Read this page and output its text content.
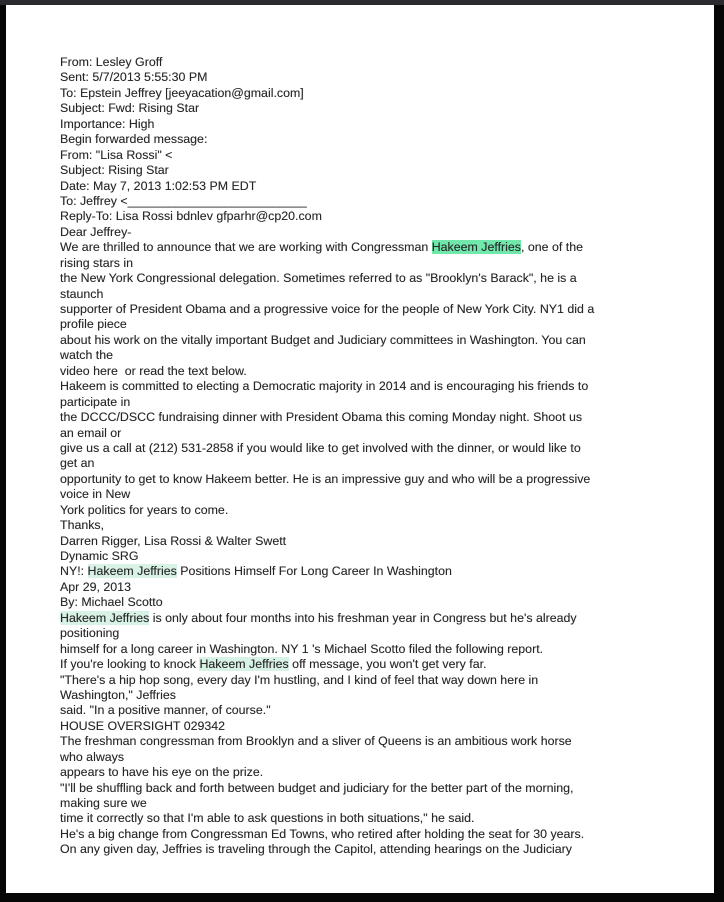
From: Lesley Groff
Sent: 5/7/2013 5:55:30 PM
To: Epstein Jeffrey [jeeyacation@gmail.com]
Subject: Fwd: Rising Star
Importance: High
Begin forwarded message:
From: "Lisa Rossi" <
Subject: Rising Star
Date: May 7, 2013 1:02:53 PM EDT
To: Jeffrey <__________________________
Reply-To: Lisa Rossi bdnlev gfparhr@cp20.com
Dear Jeffrey-
We are thrilled to announce that we are working with Congressman Hakeem Jeffries, one of the
rising stars in
the New York Congressional delegation. Sometimes referred to as "Brooklyn's Barack", he is a
staunch
supporter of President Obama and a progressive voice for the people of New York City. NY1 did a
profile piece
about his work on the vitally important Budget and Judiciary committees in Washington. You can
watch the
video here  or read the text below.
Hakeem is committed to electing a Democratic majority in 2014 and is encouraging his friends to
participate in
the DCCC/DSCC fundraising dinner with President Obama this coming Monday night. Shoot us
an email or
give us a call at (212) 531-2858 if you would like to get involved with the dinner, or would like to
get an
opportunity to get to know Hakeem better. He is an impressive guy and who will be a progressive
voice in New
York politics for years to come.
Thanks,
Darren Rigger, Lisa Rossi & Walter Swett
Dynamic SRG
NY!: Hakeem Jeffries Positions Himself For Long Career In Washington
Apr 29, 2013
By: Michael Scotto
Hakeem Jeffries is only about four months into his freshman year in Congress but he's already
positioning
himself for a long career in Washington. NY 1 's Michael Scotto filed the following report.
If you're looking to knock Hakeem Jeffries off message, you won't get very far.
"There's a hip hop song, every day I'm hustling, and I kind of feel that way down here in
Washington," Jeffries
said. "In a positive manner, of course."
HOUSE OVERSIGHT 029342
The freshman congressman from Brooklyn and a sliver of Queens is an ambitious work horse
who always
appears to have his eye on the prize.
"I'll be shuffling back and forth between budget and judiciary for the better part of the morning,
making sure we
time it correctly so that I'm able to ask questions in both situations," he said.
He's a big change from Congressman Ed Towns, who retired after holding the seat for 30 years.
On any given day, Jeffries is traveling through the Capitol, attending hearings on the Judiciary
